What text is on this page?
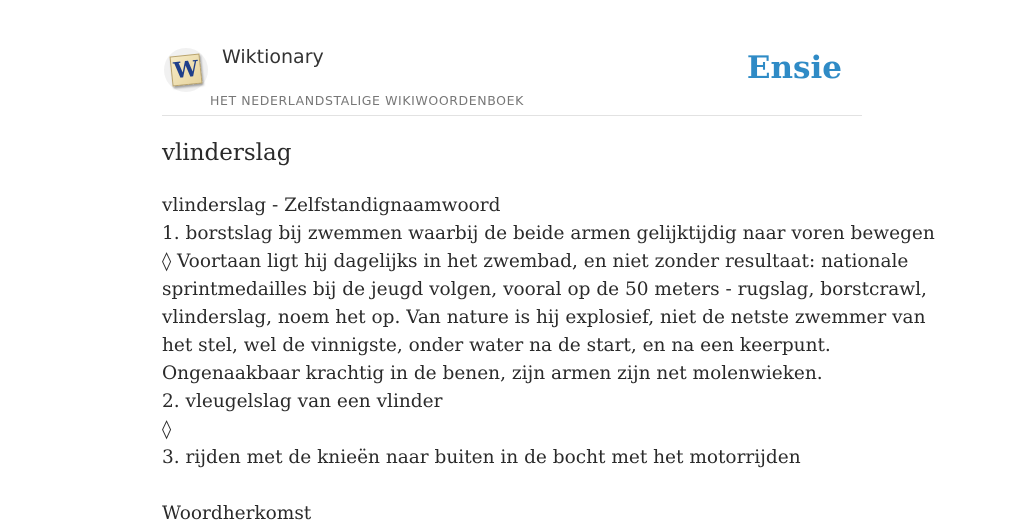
W Wiktionary
HET NEDERLANDSTALIGE WIKIWOORDENBOEK
Ensie
vlinderslag
vlinderslag - Zelfstandignaamwoord
1. borstslag bij zwemmen waarbij de beide armen gelijktijdig naar voren bewegen
◊ Voortaan ligt hij dagelijks in het zwembad, en niet zonder resultaat: nationale
sprintmedailles bij de jeugd volgen, vooral op de 50 meters - rugslag, borstcrawl,
vlinderslag, noem het op. Van nature is hij explosief, niet de netste zwemmer van
het stel, wel de vinnigste, onder water na de start, en na een keerpunt.
Ongenaakbaar krachtig in de benen, zijn armen zijn net molenwieken.
2. vleugelslag van een vlinder
◊
3. rijden met de knieën naar buiten in de bocht met het motorrijden
Woordherkomst
